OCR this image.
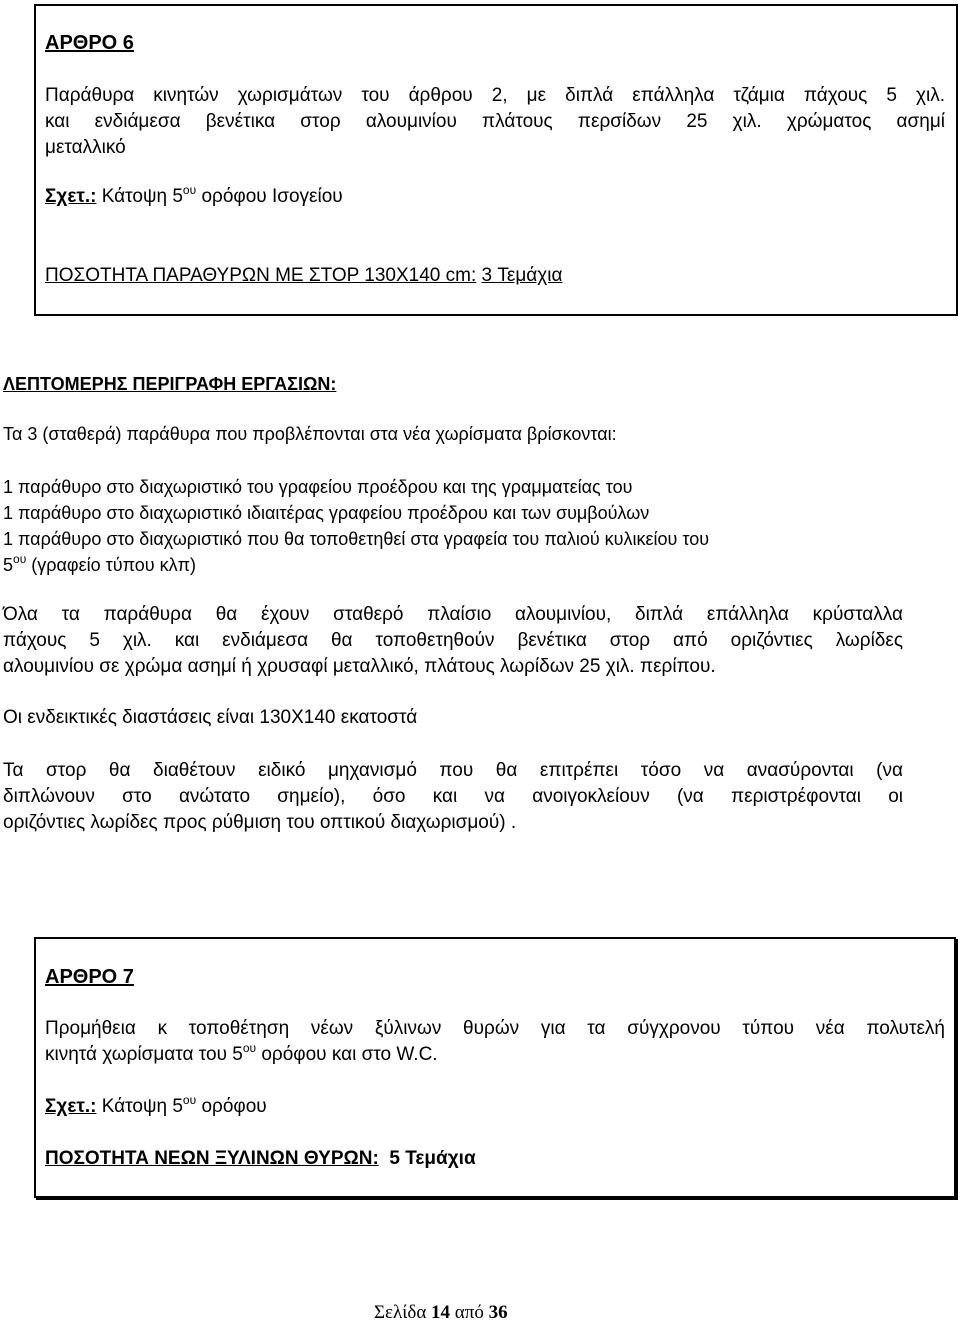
ΑΡΘΡΟ 6
Παράθυρα κινητών χωρισμάτων του άρθρου 2, με διπλά επάλληλα τζάμια πάχους 5 χιλ.
και ενδιάμεσα βενέτικα στορ αλουμινίου πλάτους περσίδων 25 χιλ. χρώματος ασημί
μεταλλικό
Σχετ.: Κάτοψη $5^{o\upsilon}$ ορόφου Ισογείου
ΠΟΣΟΤΗΤΑ ΠΑΡΑΘΥΡΩΝ ΜΕ ΣΤΟΡ 130Χ140 cm: 3 Τεμάχια
ΛΕΠΤΟΜΕΡΗΣ ΠΕΡΙΓΡΑΦΗ ΕΡΓΑΣΙΩΝ:
Τα 3 (σταθερά) παράθυρα που προβλέπονται στα νέα χωρίσματα βρίσκονται:
1 παράθυρο στο διαχωριστικό του γραφείου προέδρου και της γραμματείας του
1 παράθυρο στο διαχωριστικό ιδιαιτέρας γραφείου προέδρου και των συμβούλων
1 παράθυρο στο διαχωριστικό που θα τοποθετηθεί στα γραφεία του παλιού κυλικείου του
$5^{o\upsilon}$ (γραφείο τύπου κλπ)
Όλα τα παράθυρα θα έχουν σταθερό πλαίσιο αλουμινίου, διπλά επάλληλα κρύσταλλα
πάχους 5 χιλ. και ενδιάμεσα θα τοποθετηθούν βενέτικα στορ από οριζόντιες λωρίδες
αλουμινίου σε χρώμα ασημί ή χρυσαφί μεταλλικό, πλάτους λωρίδων 25 χιλ. περίπου.
Οι ενδεικτικές διαστάσεις είναι 130Χ140 εκατοστά
Τα στορ θα διαθέτουν ειδικό μηχανισμό που θα επιτρέπει τόσο να ανασύρονται (να
διπλώνουν στο ανώτατο σημείο), όσο και να ανοιγοκλείουν (να περιστρέφονται οι
οριζόντιες λωρίδες προς ρύθμιση του οπτικού διαχωρισμού) .
ΑΡΘΡΟ 7
Προμήθεια κ τοποθέτηση νέων ξύλινων θυρών για τα σύγχρονου τύπου νέα πολυτελή
κινητά χωρίσματα του $5^{o\upsilon}$ ορόφου και στο W.C.
Σχετ.: Κάτοψη $5^{o\upsilon}$ ορόφου
ΠΟΣΟΤΗΤΑ ΝΕΩΝ ΞΥΛΙΝΩΝ ΘΥΡΩΝ: 5 Τεμάχια
Σελίδα 14 από 36
